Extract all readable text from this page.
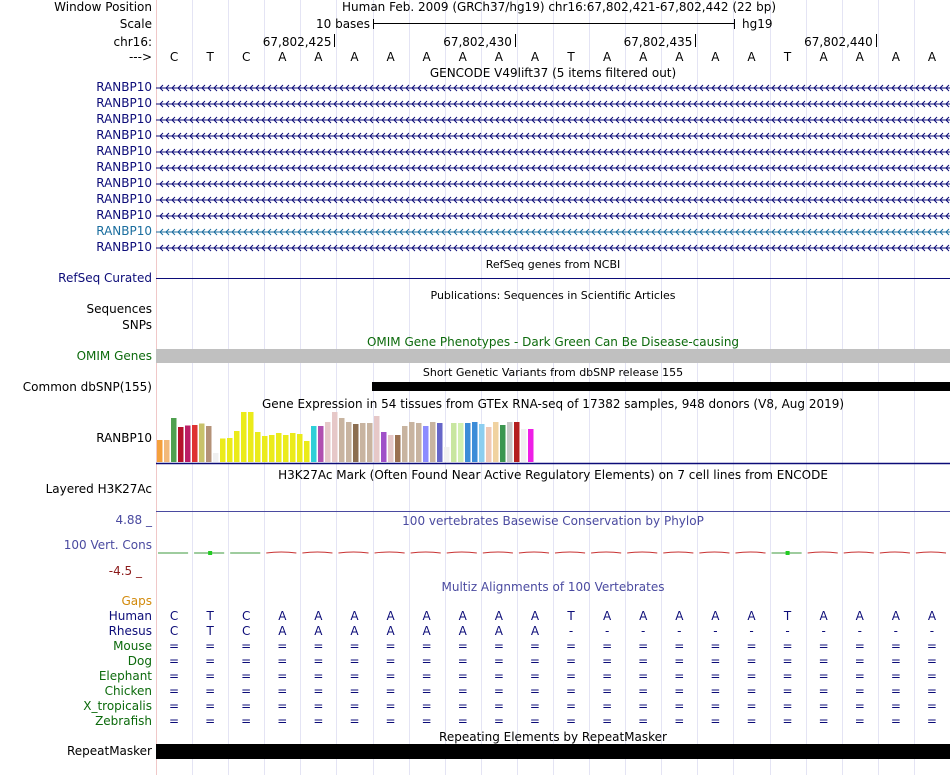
Window Position	Human Feb. 2009 (GRCh37/hg19) chr16:67,802,421-67,802,442 (22 bp)
Scale	10 bases	hg19
chr16:	67,802,425	67,802,430	67,802,435	67,802,440
--->	C	T	C	A	A	A	A	A	A	A	A	T	A	A	A	A	A	T	A	A	A	A
GENCODE V49lift37 (5 items filtered out)
RANBP10
RANBP10
RANBP10
RANBP10
RANBP10
RANBP10
RANBP10
RANBP10
RANBP10
RANBP10
RANBP10
RefSeq genes from NCBI
RefSeq Curated
Publications: Sequences in Scientific Articles
Sequences
SNPs
OMIM Gene Phenotypes - Dark Green Can Be Disease-causing
OMIM Genes
Short Genetic Variants from dbSNP release 155
Common dbSNP(155)
Gene Expression in 54 tissues from GTEx RNA-seq of 17382 samples, 948 donors (V8, Aug 2019)
RANBP10
H3K27Ac Mark (Often Found Near Active Regulatory Elements) on 7 cell lines from ENCODE
Layered H3K27Ac
100 vertebrates Basewise Conservation by PhyloP
4.88 _
100 Vert. Cons
-4.5 _
Multiz Alignments of 100 Vertebrates
Gaps
Human	C	T	C	A	A	A	A	A	A	A	A	T	A	A	A	A	A	T	A	A	A	A
Rhesus	C	T	C	A	A	A	A	A	A	A	A	-	-	-	-	-	-	-	-	-	-	-
Mouse	=	=	=	=	=	=	=	=	=	=	=	=	=	=	=	=	=	=	=	=	=	=
Dog	=	=	=	=	=	=	=	=	=	=	=	=	=	=	=	=	=	=	=	=	=	=
Elephant	=	=	=	=	=	=	=	=	=	=	=	=	=	=	=	=	=	=	=	=	=	=
Chicken	=	=	=	=	=	=	=	=	=	=	=	=	=	=	=	=	=	=	=	=	=	=
X_tropicalis	=	=	=	=	=	=	=	=	=	=	=	=	=	=	=	=	=	=	=	=	=	=
Zebrafish	=	=	=	=	=	=	=	=	=	=	=	=	=	=	=	=	=	=	=	=	=	=
Repeating Elements by RepeatMasker
RepeatMasker
